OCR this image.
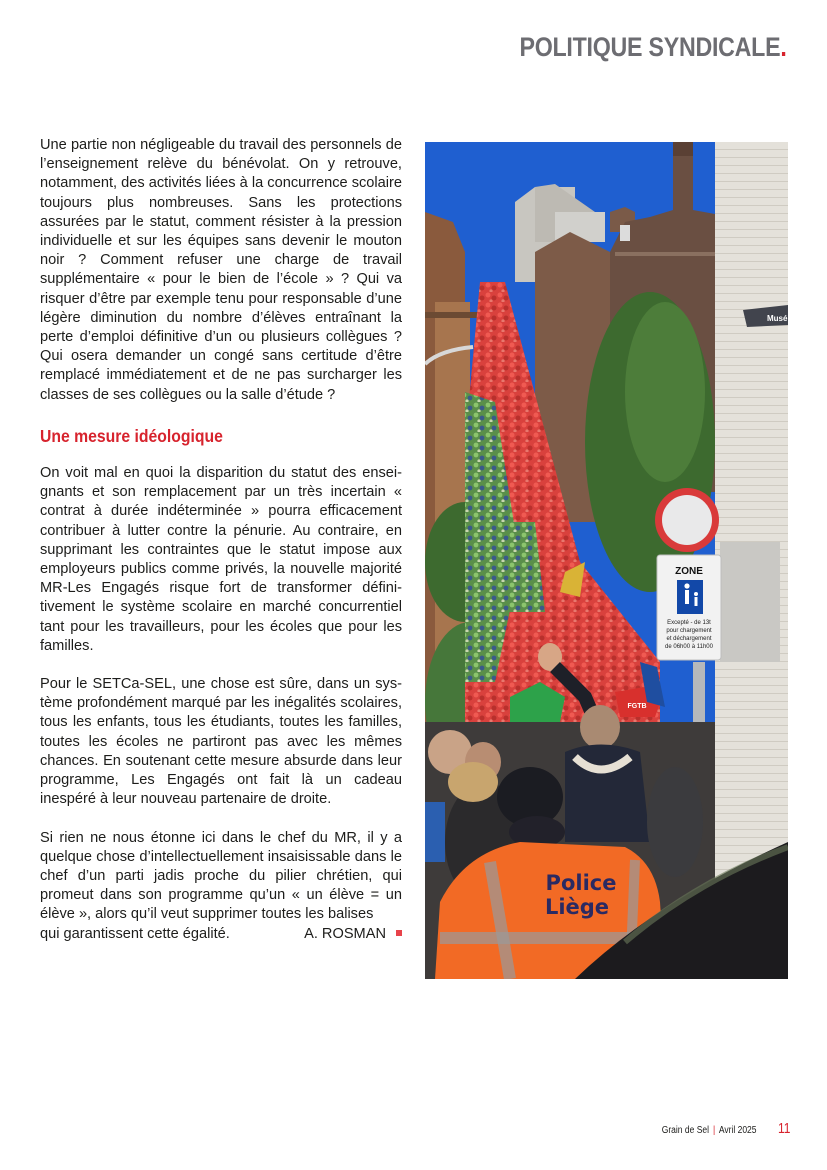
POLITIQUE SYNDICALE.

Une partie non négligeable du travail des personnels de l’enseignement relève du bénévolat. On y retrouve, notamment, des activités liées à la concurrence scolaire toujours plus nombreuses. Sans les protections assurées par le statut, comment résister à la pression individuelle et sur les équipes sans devenir le mouton noir ? Comment refuser une charge de travail supplémentaire « pour le bien de l’école » ? Qui va risquer d’être par exemple tenu pour responsable d’une légère diminution du nombre d’élèves entraînant la perte d’emploi définitive d’un ou plusieurs collègues ? Qui osera demander un congé sans certitude d’être remplacé immédiatement et de ne pas surcharger les classes de ses collègues ou la salle d’étude ?

Une mesure idéologique

On voit mal en quoi la disparition du statut des enseignants et son remplacement par un très incertain « contrat à durée indéterminée » pourra efficacement contribuer à lutter contre la pénurie. Au contraire, en supprimant les contraintes que le statut impose aux employeurs publics comme privés, la nouvelle majorité MR-Les Engagés risque fort de transformer définitivement le système scolaire en marché concurrentiel tant pour les travailleurs, pour les écoles que pour les familles.

Pour le SETCa-SEL, une chose est sûre, dans un système profondément marqué par les inégalités scolaires, tous les enfants, tous les étudiants, toutes les familles, toutes les écoles ne partiront pas avec les mêmes chances. En soutenant cette mesure absurde dans leur programme, Les Engagés ont fait là un cadeau inespéré à leur nouveau partenaire de droite.

Si rien ne nous étonne ici dans le chef du MR, il y a quelque chose d’intellectuellement insaisissable dans le chef d’un parti jadis proche du pilier chrétien, qui promeut dans son programme qu’un « un élève = un élève », alors qu’il veut supprimer toutes les balises

qui garantissent cette égalité.	A. ROSMAN
Musé
ZONE
Excepté - de 13t
pour chargement
et déchargement
de 06h00 à 11h00
FGTB
Police
Liège
Grain de Sel | Avril 2025 11
